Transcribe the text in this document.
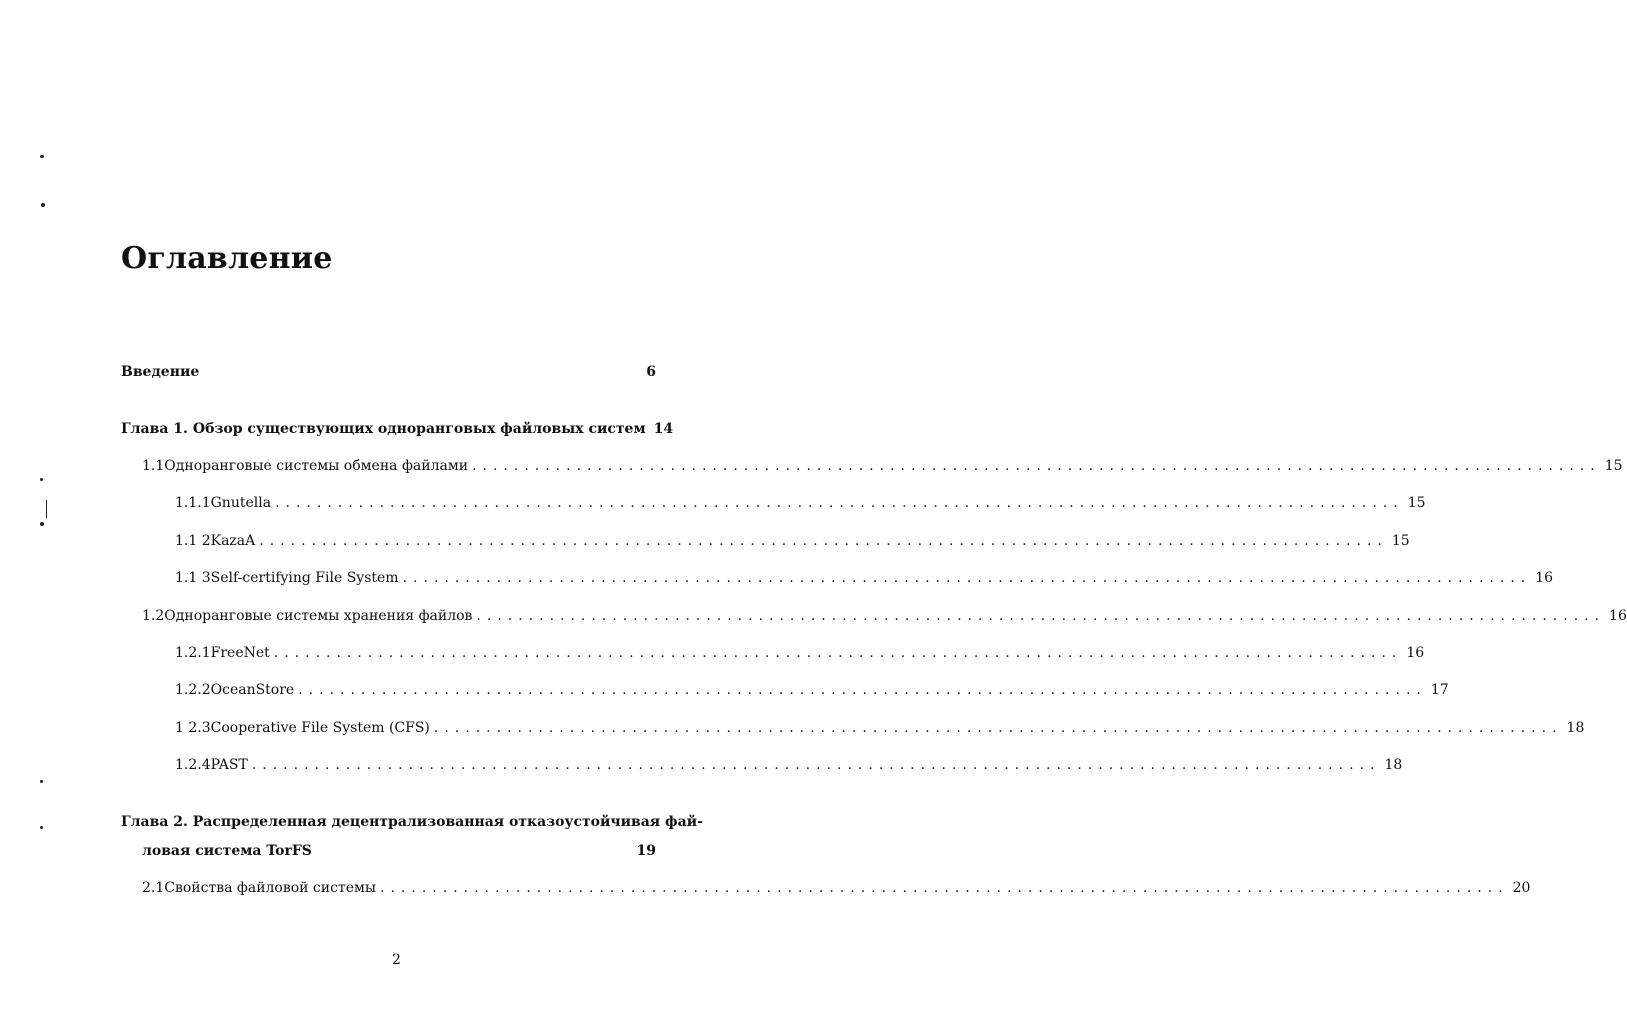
Оглавление
Введение	6
Глава 1. Обзор существующих одноранговых файловых систем 14
1.1 Одноранговые системы обмена файлами ............................................................................................................ 15
1.1.1 Gnutella ............................................................................................................ 15
1.1 2 KazaA ............................................................................................................ 15
1.1 3 Self-certifying File System ............................................................................................................ 16
1.2 Одноранговые системы хранения файлов ............................................................................................................ 16
1.2.1 FreeNet ............................................................................................................ 16
1.2.2 OceanStore ............................................................................................................ 17
1 2.3 Cooperative File System (CFS) ............................................................................................................ 18
1.2.4 PAST ............................................................................................................ 18
Глава 2. Распределенная децентрализованная отказоустойчивая фай-
ловая система TorFS	19
2.1 Свойства файловой системы ............................................................................................................ 20
2
